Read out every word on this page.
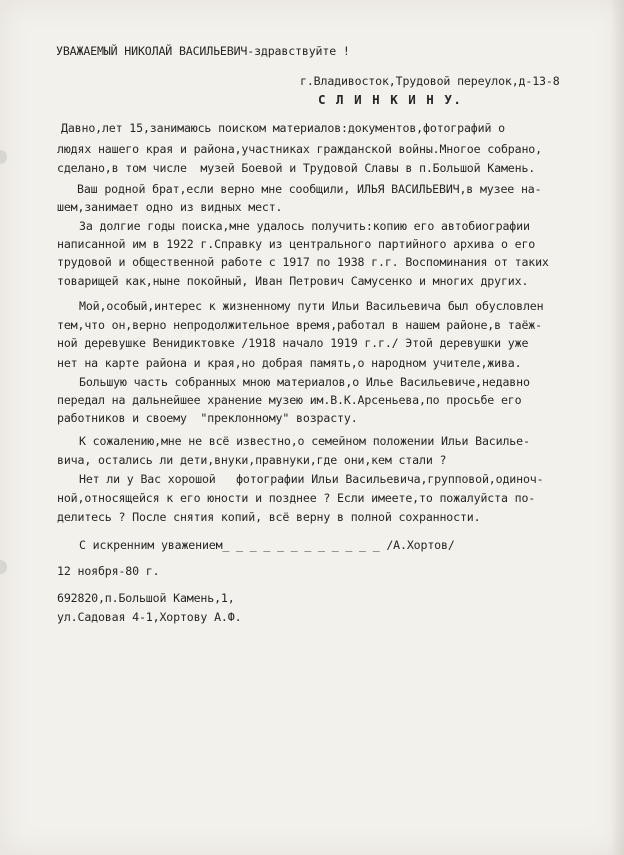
УВАЖАЕМЫЙ НИКОЛАЙ ВАСИЛЬЕВИЧ-здравствуйте !

г.Владивосток,Трудовой переулок,д-13-8

С Л И Н К И Н У.

Давно,лет 15,занимаюсь поиском материалов:документов,фотографий о

людях нашего края и района,участниках гражданской войны.Многое собрано,

сделано,в том числе  музей Боевой и Трудовой Славы в п.Большой Камень.

Ваш родной брат,если верно мне сообщили, ИЛЬЯ ВАСИЛЬЕВИЧ,в музее на-

шем,занимает одно из видных мест.

За долгие годы поиска,мне удалось получить:копию его автобиографии

написанной им в 1922 г.Справку из центрального партийного архива о его

трудовой и общественной работе с 1917 по 1938 г.г. Воспоминания от таких

товарищей как,ныне покойный, Иван Петрович Самусенко и многих других.

Мой,особый,интерес к жизненному пути Ильи Васильевича был обусловлен

тем,что он,верно непродолжительное время,работал в нашем районе,в таёж-

ной деревушке Венидиктовке /1918 начало 1919 г.г./ Этой деревушки уже

нет на карте района и края,но добрая память,о народном учителе,жива.

Большую часть собранных мною материалов,о Илье Васильевиче,недавно

передал на дальнейшее хранение музею им.В.К.Арсеньева,по просьбе его

работников и своему  "преклонному" возрасту.

К сожалению,мне не всё известно,о семейном положении Ильи Василье-

вича, остались ли дети,внуки,правнуки,где они,кем стали ?

Нет ли у Вас хорошой   фотографии Ильи Васильевича,групповой,одиноч-

ной,относящейся к его юности и позднее ? Если имеете,то пожалуйста по-

делитесь ? После снятия копий, всё верну в полной сохранности.

С искренним уважением_ _ _ _ _ _ _ _ _ _ _ _ /А.Хортов/

12 ноября-80 г.

692820,п.Большой Камень,1,

ул.Садовая 4-1,Хортову А.Ф.
